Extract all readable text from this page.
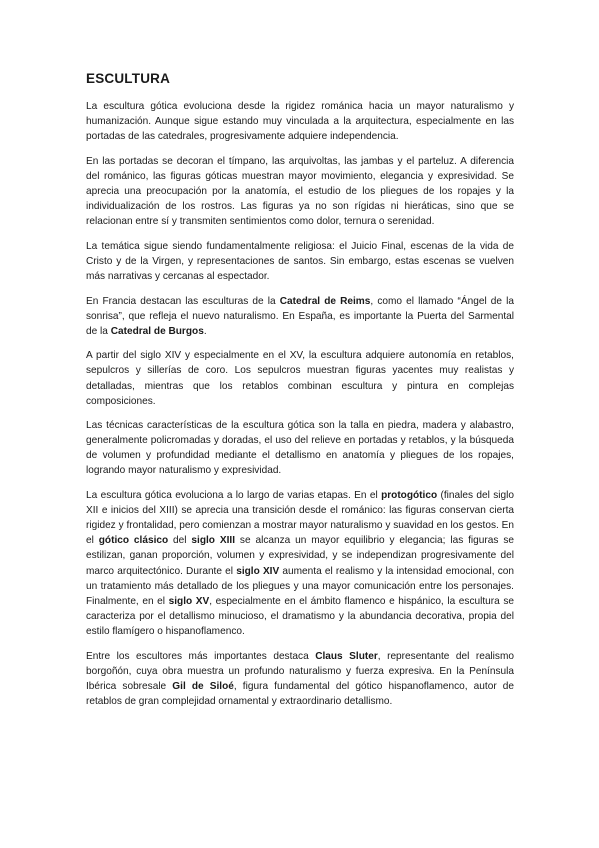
ESCULTURA

La escultura gótica evoluciona desde la rigidez románica hacia un mayor naturalismo y humanización. Aunque sigue estando muy vinculada a la arquitectura, especialmente en las portadas de las catedrales, progresivamente adquiere independencia.

En las portadas se decoran el tímpano, las arquivoltas, las jambas y el parteluz. A diferencia del románico, las figuras góticas muestran mayor movimiento, elegancia y expresividad. Se aprecia una preocupación por la anatomía, el estudio de los pliegues de los ropajes y la individualización de los rostros. Las figuras ya no son rígidas ni hieráticas, sino que se relacionan entre sí y transmiten sentimientos como dolor, ternura o serenidad.

La temática sigue siendo fundamentalmente religiosa: el Juicio Final, escenas de la vida de Cristo y de la Virgen, y representaciones de santos. Sin embargo, estas escenas se vuelven más narrativas y cercanas al espectador.

En Francia destacan las esculturas de la Catedral de Reims, como el llamado “Ángel de la sonrisa”, que refleja el nuevo naturalismo. En España, es importante la Puerta del Sarmental de la Catedral de Burgos.

A partir del siglo XIV y especialmente en el XV, la escultura adquiere autonomía en retablos, sepulcros y sillerías de coro. Los sepulcros muestran figuras yacentes muy realistas y detalladas, mientras que los retablos combinan escultura y pintura en complejas composiciones.

Las técnicas características de la escultura gótica son la talla en piedra, madera y alabastro, generalmente policromadas y doradas, el uso del relieve en portadas y retablos, y la búsqueda de volumen y profundidad mediante el detallismo en anatomía y pliegues de los ropajes, logrando mayor naturalismo y expresividad.

La escultura gótica evoluciona a lo largo de varias etapas. En el protogótico (finales del siglo XII e inicios del XIII) se aprecia una transición desde el románico: las figuras conservan cierta rigidez y frontalidad, pero comienzan a mostrar mayor naturalismo y suavidad en los gestos. En el gótico clásico del siglo XIII se alcanza un mayor equilibrio y elegancia; las figuras se estilizan, ganan proporción, volumen y expresividad, y se independizan progresivamente del marco arquitectónico. Durante el siglo XIV aumenta el realismo y la intensidad emocional, con un tratamiento más detallado de los pliegues y una mayor comunicación entre los personajes. Finalmente, en el siglo XV, especialmente en el ámbito flamenco e hispánico, la escultura se caracteriza por el detallismo minucioso, el dramatismo y la abundancia decorativa, propia del estilo flamígero o hispanoflamenco.

Entre los escultores más importantes destaca Claus Sluter, representante del realismo borgoñón, cuya obra muestra un profundo naturalismo y fuerza expresiva. En la Península Ibérica sobresale Gil de Siloé, figura fundamental del gótico hispanoflamenco, autor de retablos de gran complejidad ornamental y extraordinario detallismo.
